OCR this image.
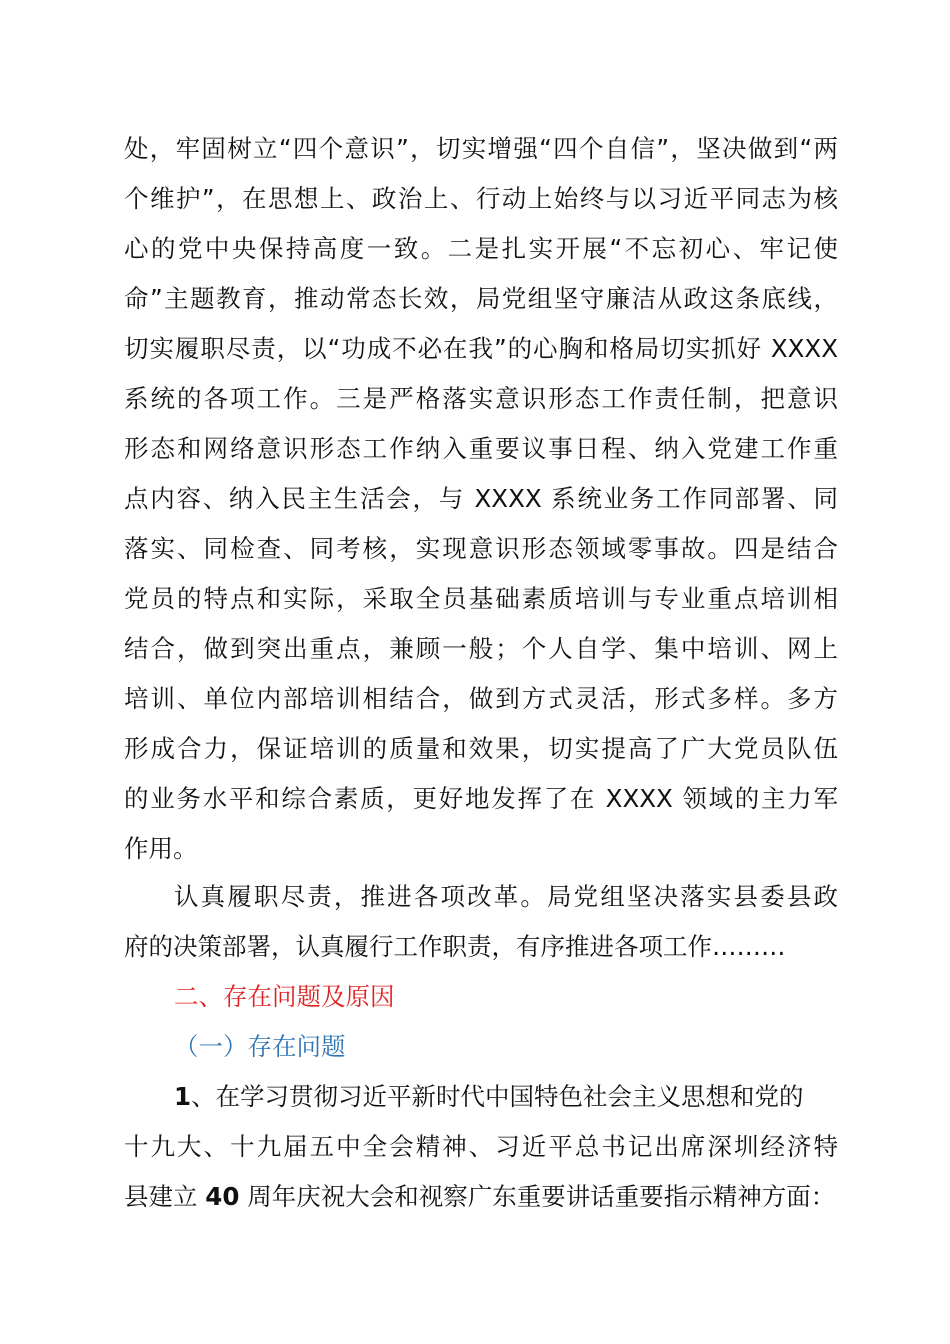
处，牢固树立“四个意识”，切实增强“四个自信”，坚决做到“两
个维护”，在思想上、政治上、行动上始终与以习近平同志为核
心的党中央保持高度一致。二是扎实开展“不忘初心、牢记使
命”主题教育，推动常态长效，局党组坚守廉洁从政这条底线，
切实履职尽责，以“功成不必在我”的心胸和格局切实抓好 XXXX
系统的各项工作。三是严格落实意识形态工作责任制，把意识
形态和网络意识形态工作纳入重要议事日程、纳入党建工作重
点内容、纳入民主生活会，与 XXXX 系统业务工作同部署、同
落实、同检查、同考核，实现意识形态领域零事故。四是结合
党员的特点和实际，采取全员基础素质培训与专业重点培训相
结合，做到突出重点，兼顾一般；个人自学、集中培训、网上
培训、单位内部培训相结合，做到方式灵活，形式多样。多方
形成合力，保证培训的质量和效果，切实提高了广大党员队伍
的业务水平和综合素质，更好地发挥了在 XXXX 领域的主力军
作用。
认真履职尽责，推进各项改革。局党组坚决落实县委县政
府的决策部署，认真履行工作职责，有序推进各项工作………
二、存在问题及原因
（一）存在问题
1、在学习贯彻习近平新时代中国特色社会主义思想和党的
十九大、十九届五中全会精神、习近平总书记出席深圳经济特
县建立 40 周年庆祝大会和视察广东重要讲话重要指示精神方面：
